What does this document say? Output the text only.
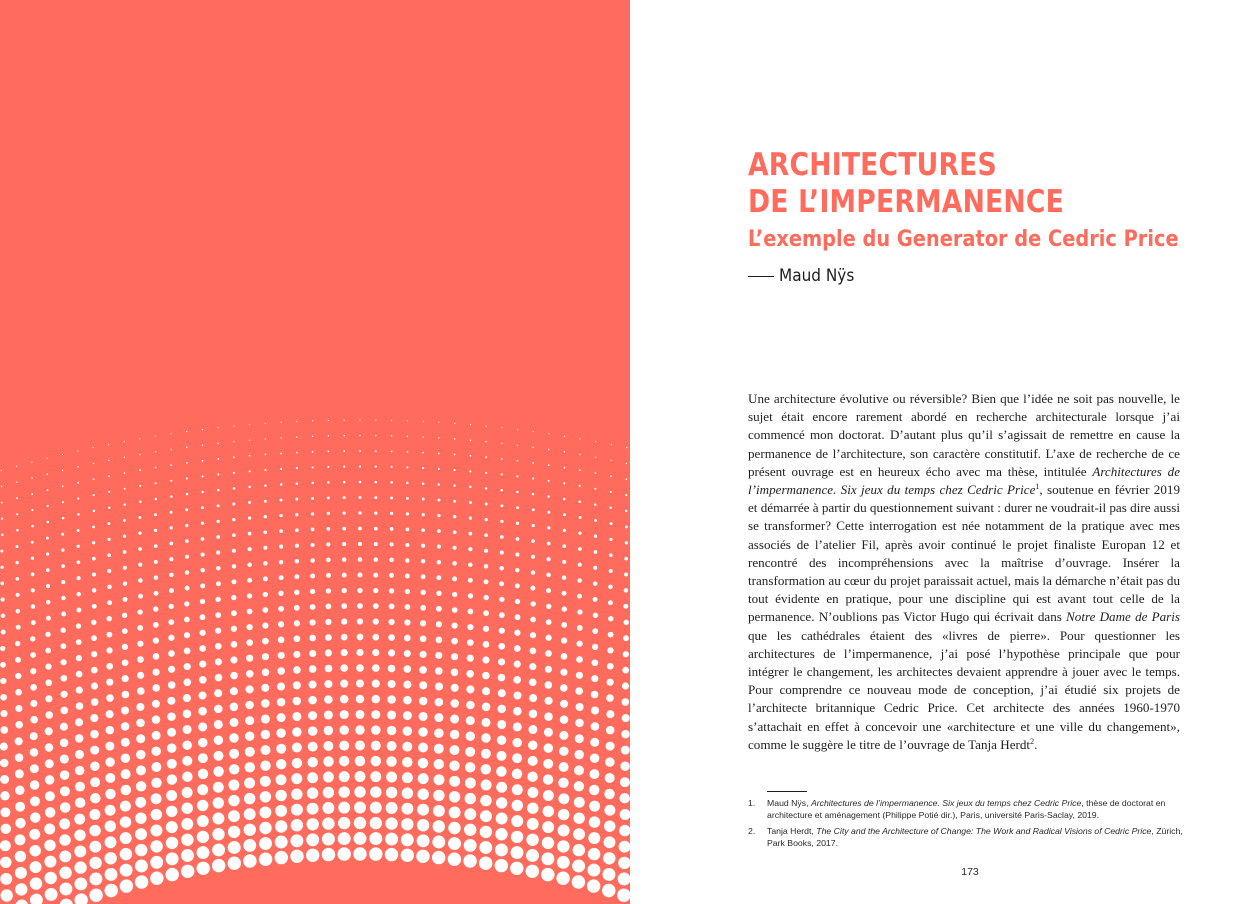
ARCHITECTURES
DE L’IMPERMANENCE
L’exemple du Generator de Cedric Price
Maud Nÿs

Une architecture évolutive ou réversible? Bien que l’idée ne soit pas nouvelle, le sujet était encore rarement abordé en recherche architecturale lorsque j’ai commencé mon doctorat. D’autant plus qu’il s’agissait de remettre en cause la permanence de l’architecture, son caractère constitutif. L’axe de recherche de ce présent ouvrage est en heureux écho avec ma thèse, intitulée Architectures de l’impermanence. Six jeux du temps chez Cedric Price$^1$, soutenue en février 2019 et démarrée à partir du questionnement suivant : durer ne voudrait-il pas dire aussi se transformer? Cette interrogation est née notamment de la pratique avec mes associés de l’atelier Fil, après avoir continué le projet finaliste Europan 12 et rencontré des incompréhensions avec la maîtrise d’ouvrage. Insérer la transformation au cœur du projet paraissait actuel, mais la démarche n’était pas du tout évidente en pratique, pour une discipline qui est avant tout celle de la permanence. N’oublions pas Victor Hugo qui écrivait dans Notre Dame de Paris que les cathédrales étaient des «livres de pierre». Pour questionner les architectures de l’impermanence, j’ai posé l’hypothèse principale que pour intégrer le changement, les architectes devaient apprendre à jouer avec le temps. Pour comprendre ce nouveau mode de conception, j’ai étudié six projets de l’architecte britannique Cedric Price. Cet architecte des années 1960-1970 s’attachait en effet à concevoir une «architecture et une ville du changement», comme le suggère le titre de l’ouvrage de Tanja Herdt$^2$.

1.	Maud Nÿs, Architectures de l’impermanence. Six jeux du temps chez Cedric Price, thèse de doctorat en architecture et aménagement (Philippe Potié dir.), Paris, université Paris-Saclay, 2019.
2.	Tanja Herdt, The City and the Architecture of Change: The Work and Radical Visions of Cedric Price, Zürich, Park Books, 2017.
173
